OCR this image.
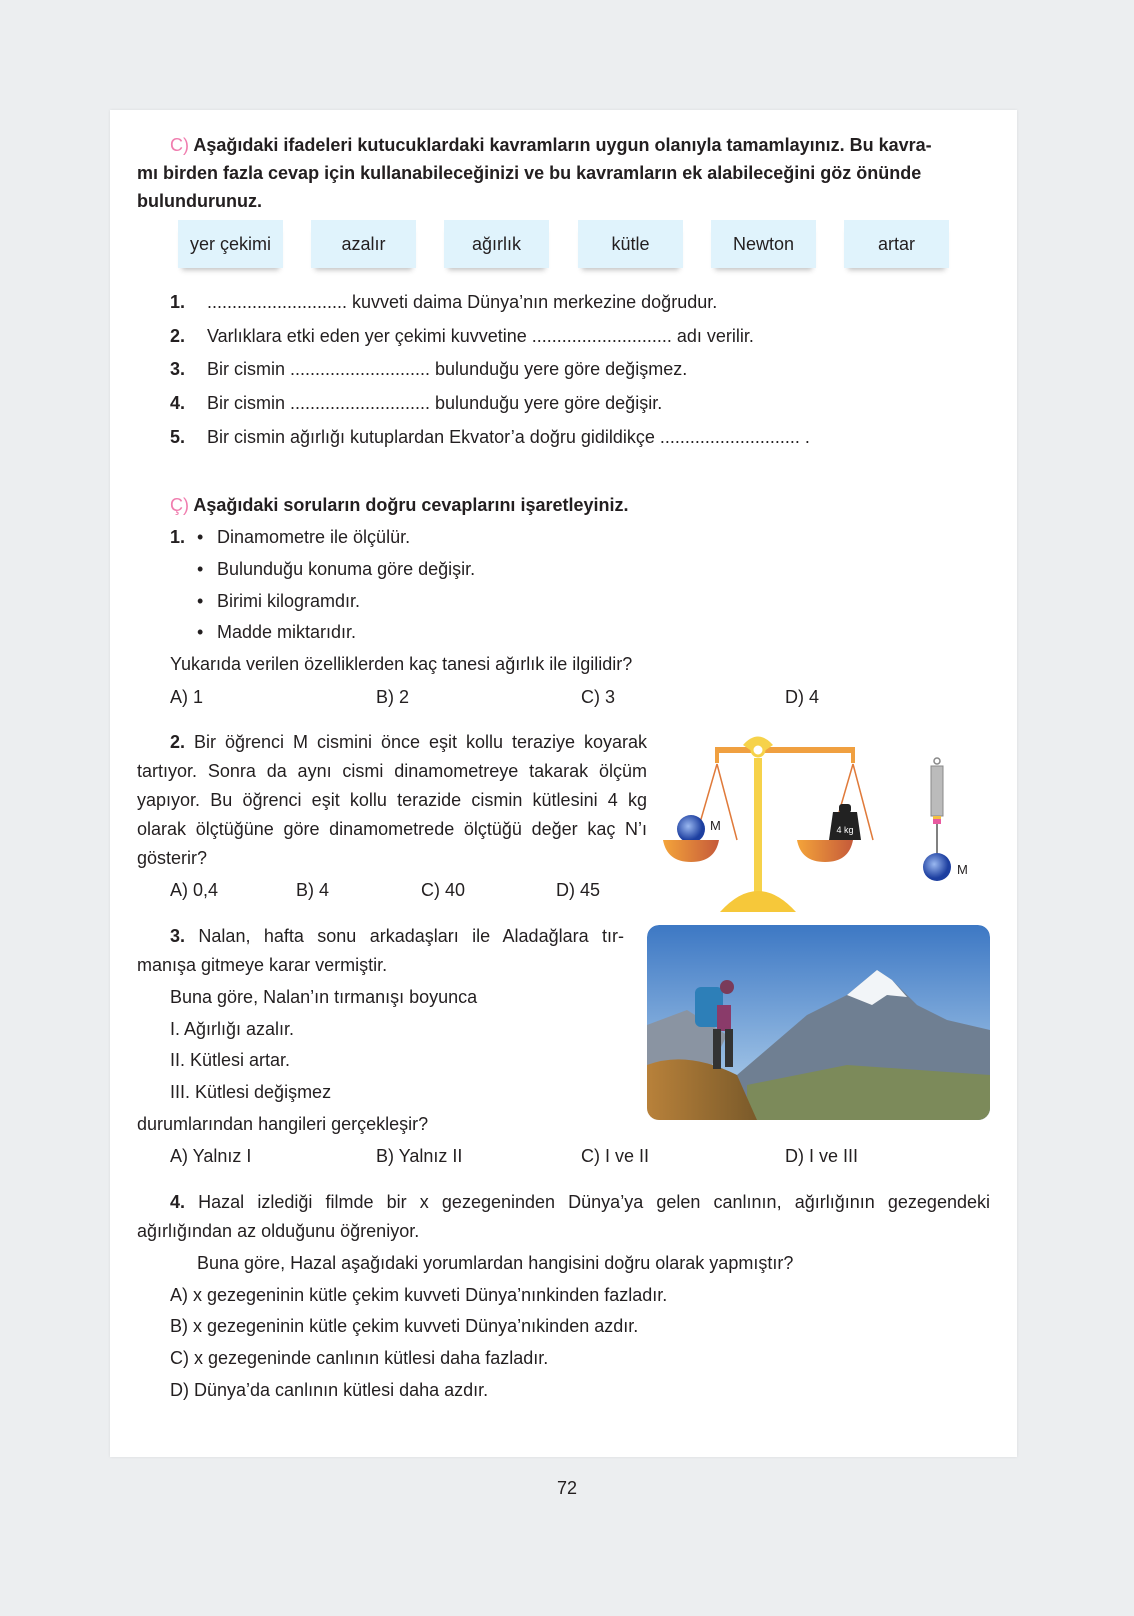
C) Aşağıdaki ifadeleri kutucuklardaki kavramların uygun olanıyla tamamlayınız. Bu kavra-
mı birden fazla cevap için kullanabileceğinizi ve bu kavramların ek alabileceğini göz önünde
bulundurunuz.
yer çekimi	azalır	ağırlık	kütle	Newton	artar
1. ............................ kuvveti daima Dünya’nın merkezine doğrudur.
2. Varlıklara etki eden yer çekimi kuvvetine ............................ adı verilir.
3. Bir cismin ............................ bulunduğu yere göre değişmez.
4. Bir cismin ............................ bulunduğu yere göre değişir.
5. Bir cismin ağırlığı kutuplardan Ekvator’a doğru gidildikçe ............................ .
Ç) Aşağıdaki soruların doğru cevaplarını işaretleyiniz.
1. • Dinamometre ile ölçülür.
• Bulunduğu konuma göre değişir.
• Birimi kilogramdır.
• Madde miktarıdır.
Yukarıda verilen özelliklerden kaç tanesi ağırlık ile ilgilidir?
A) 1	B) 2	C) 3	D) 4
2. Bir öğrenci M cismini önce eşit kollu teraziye koyarak
tartıyor. Sonra da aynı cismi dinamometreye takarak ölçüm
yapıyor. Bu öğrenci eşit kollu terazide cismin kütlesini 4 kg
olarak ölçtüğüne göre dinamometrede ölçtüğü değer kaç N’ı
gösterir?
A) 0,4	B) 4	C) 40	D) 45
4 kg
M
M
3. Nalan, hafta sonu arkadaşları ile Aladağlara tır-
manışa gitmeye karar vermiştir.
Buna göre, Nalan’ın tırmanışı boyunca
I. Ağırlığı azalır.
II. Kütlesi artar.
III. Kütlesi değişmez
durumlarından hangileri gerçekleşir?
A) Yalnız I	B) Yalnız II	C) I ve II	D) I ve III
4. Hazal izlediği filmde bir x gezegeninden Dünya’ya gelen canlının, ağırlığının gezegendeki
ağırlığından az olduğunu öğreniyor.
Buna göre, Hazal aşağıdaki yorumlardan hangisini doğru olarak yapmıştır?
A) x gezegeninin kütle çekim kuvveti Dünya’nınkinden fazladır.
B) x gezegeninin kütle çekim kuvveti Dünya’nıkinden azdır.
C) x gezegeninde canlının kütlesi daha fazladır.
D) Dünya’da canlının kütlesi daha azdır.
72
